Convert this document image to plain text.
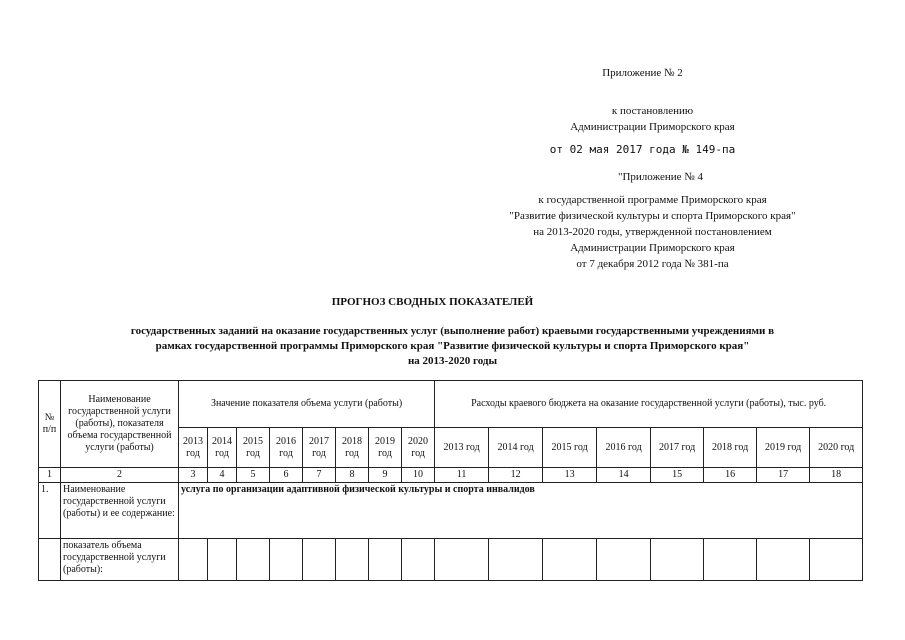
Приложение № 2
к постановлению
Администрации Приморского края
от 02 мая 2017 года № 149-па
"Приложение № 4
к государственной программе Приморского края
"Развитие физической культуры и спорта Приморского края"
на 2013-2020 годы, утвержденной постановлением
Администрации Приморского края
от 7 декабря 2012 года № 381-па
ПРОГНОЗ СВОДНЫХ ПОКАЗАТЕЛЕЙ
государственных заданий на оказание государственных услуг (выполнение работ) краевыми государственными учреждениями в
рамках государственной программы Приморского края "Развитие физической культуры и спорта Приморского края"
на 2013-2020 годы
№ п/п	Наименование государственной услуги (работы), показателя объема государственной услуги (работы)	Значение показателя объема услуги (работы)								Расходы краевого бюджета на оказание государственной услуги (работы), тыс. руб.							
		2013 год	2014 год	2015 год	2016 год	2017 год	2018 год	2019 год	2020 год	2013 год	2014 год	2015 год	2016 год	2017 год	2018 год	2019 год	2020 год
1	2	3	4	5	6	7	8	9	10	11	12	13	14	15	16	17	18
1.	Наименование государственной услуги (работы) и ее содержание:	услуга по организации адаптивной физической культуры и спорта инвалидов															
	показатель объема государственной услуги (работы):																
